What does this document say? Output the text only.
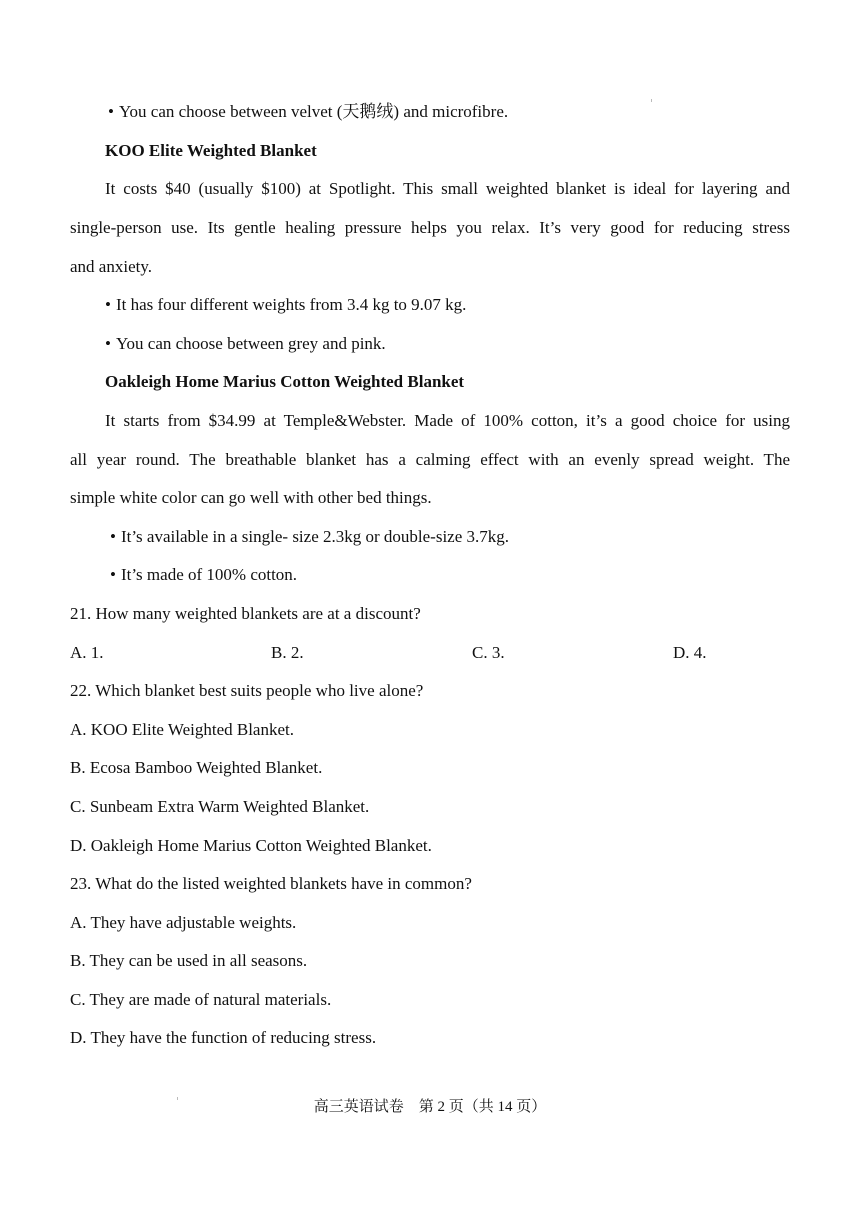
• You can choose between velvet (天鹅绒) and microfibre.
KOO Elite Weighted Blanket
It costs $40 (usually $100) at Spotlight. This small weighted blanket is ideal for layering and
single-person use. Its gentle healing pressure helps you relax. It’s very good for reducing stress
and anxiety.
• It has four different weights from 3.4 kg to 9.07 kg.
• You can choose between grey and pink.
Oakleigh Home Marius Cotton Weighted Blanket
It starts from $34.99 at Temple&Webster. Made of 100% cotton, it’s a good choice for using
all year round. The breathable blanket has a calming effect with an evenly spread weight. The
simple white color can go well with other bed things.
• It’s available in a single- size 2.3kg or double-size 3.7kg.
• It’s made of 100% cotton.
21. How many weighted blankets are at a discount?
A. 1.	B. 2.	C. 3.	D. 4.
22. Which blanket best suits people who live alone?
A. KOO Elite Weighted Blanket.
B. Ecosa Bamboo Weighted Blanket.
C. Sunbeam Extra Warm Weighted Blanket.
D. Oakleigh Home Marius Cotton Weighted Blanket.
23. What do the listed weighted blankets have in common?
A. They have adjustable weights.
B. They can be used in all seasons.
C. They are made of natural materials.
D. They have the function of reducing stress.
高三英语试卷　第 2 页（共 14 页）
